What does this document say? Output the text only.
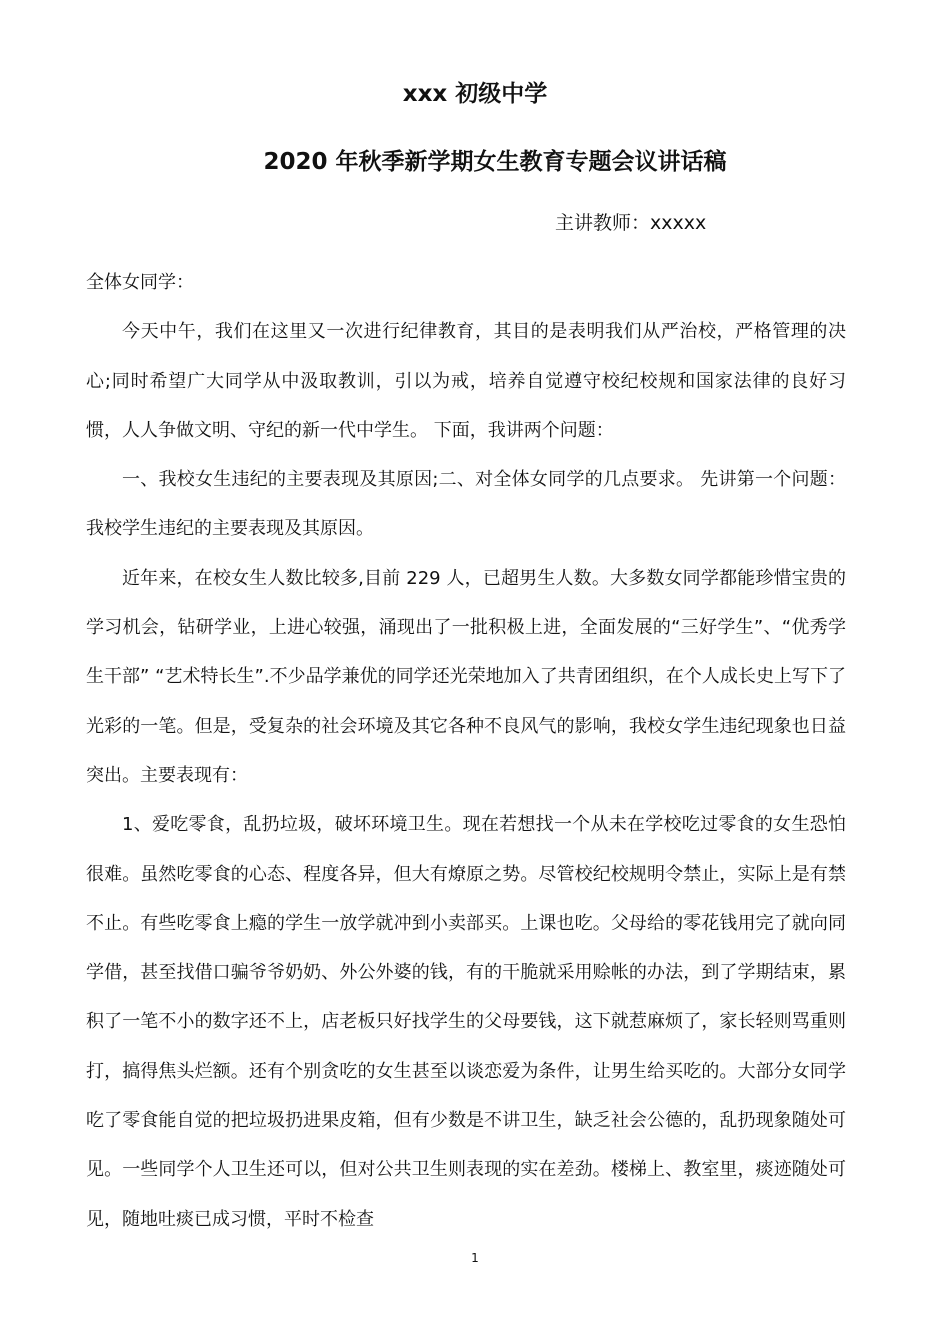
xxx 初级中学
2020 年秋季新学期女生教育专题会议讲话稿
主讲教师：xxxxx

全体女同学：

今天中午，我们在这里又一次进行纪律教育，其目的是表明我们从严治校，严格管理的决心;同时希望广大同学从中汲取教训，引以为戒，培养自觉遵守校纪校规和国家法律的良好习惯，人人争做文明、守纪的新一代中学生。 下面，我讲两个问题：

一、我校女生违纪的主要表现及其原因;二、对全体女同学的几点要求。 先讲第一个问题：我校学生违纪的主要表现及其原因。

近年来，在校女生人数比较多,目前 229 人，已超男生人数。大多数女同学都能珍惜宝贵的学习机会，钻研学业，上进心较强，涌现出了一批积极上进，全面发展的“三好学生”、“优秀学生干部” “艺术特长生”.不少品学兼优的同学还光荣地加入了共青团组织，在个人成长史上写下了光彩的一笔。但是，受复杂的社会环境及其它各种不良风气的影响，我校女学生违纪现象也日益突出。主要表现有：

1、爱吃零食，乱扔垃圾，破坏环境卫生。现在若想找一个从未在学校吃过零食的女生恐怕很难。虽然吃零食的心态、程度各异，但大有燎原之势。尽管校纪校规明令禁止，实际上是有禁不止。有些吃零食上瘾的学生一放学就冲到小卖部买。上课也吃。父母给的零花钱用完了就向同学借，甚至找借口骗爷爷奶奶、外公外婆的钱，有的干脆就采用赊帐的办法，到了学期结束，累积了一笔不小的数字还不上，店老板只好找学生的父母要钱，这下就惹麻烦了，家长轻则骂重则打，搞得焦头烂额。还有个别贪吃的女生甚至以谈恋爱为条件，让男生给买吃的。大部分女同学吃了零食能自觉的把垃圾扔进果皮箱，但有少数是不讲卫生，缺乏社会公德的，乱扔现象随处可见。一些同学个人卫生还可以，但对公共卫生则表现的实在差劲。楼梯上、教室里，痰迹随处可见，随地吐痰已成习惯，平时不检查

1
